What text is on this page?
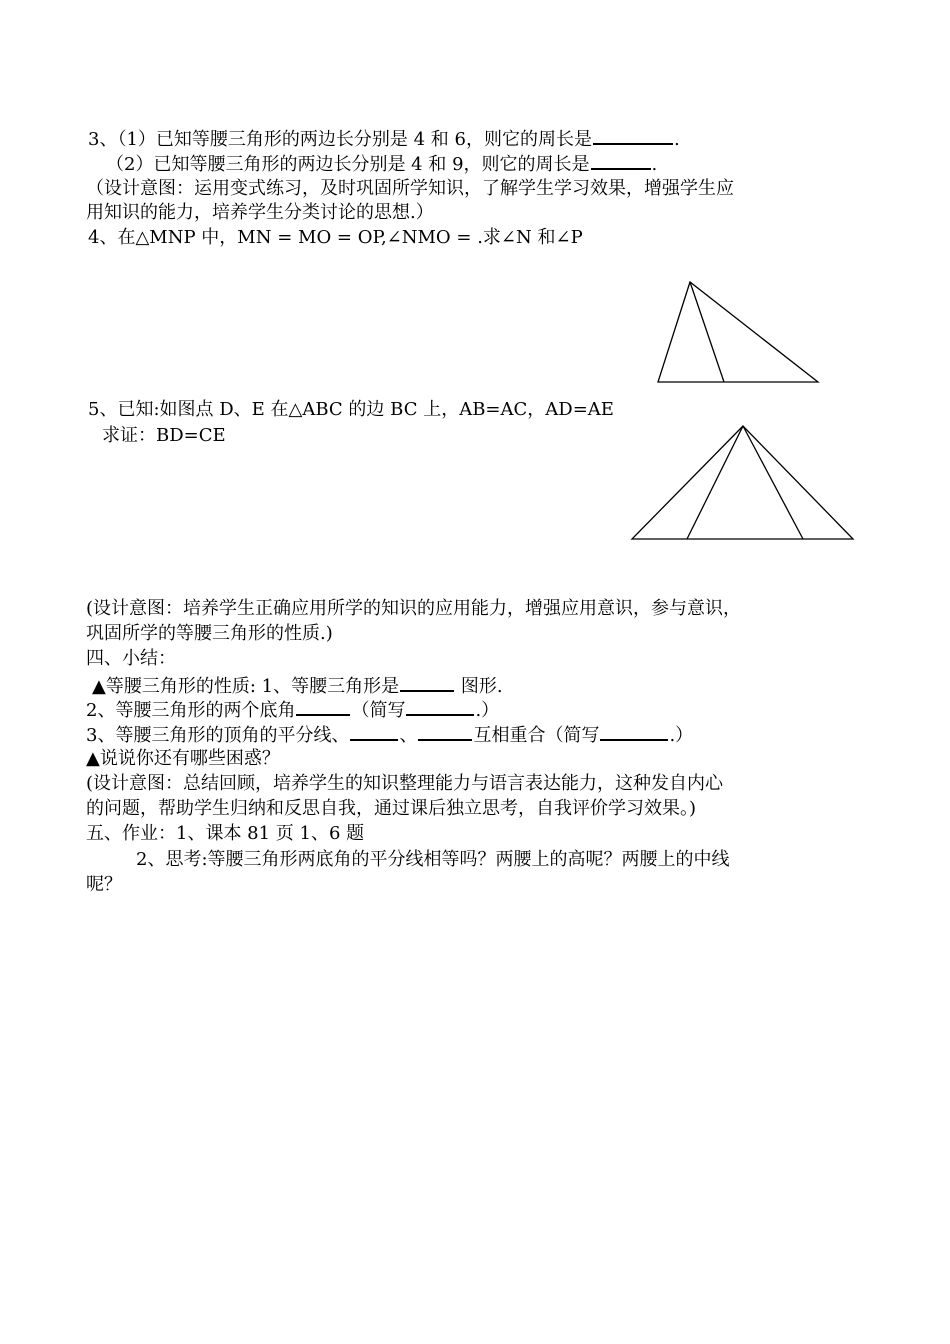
3、（1）已知等腰三角形的两边长分别是 4 和 6，则它的周长是	.
（2）已知等腰三角形的两边长分别是 4 和 9，则它的周长是	.
（设计意图：运用变式练习，及时巩固所学知识，了解学生学习效果，增强学生应
用知识的能力，培养学生分类讨论的思想.）
4、在△MNP 中，MN = MO = OP,∠NMO = .求∠N 和∠P
5、已知:如图点 D、E 在△ABC 的边 BC 上，AB=AC，AD=AE
求证：BD=CE
(设计意图：培养学生正确应用所学的知识的应用能力，增强应用意识，参与意识，
巩固所学的等腰三角形的性质.)
四、小结：
▲等腰三角形的性质: 1、等腰三角形是	图形.
2、等腰三角形的两个底角	（简写	.）
3、等腰三角形的顶角的平分线、	、	互相重合（简写	.）
▲说说你还有哪些困惑？
(设计意图：总结回顾，培养学生的知识整理能力与语言表达能力，这种发自内心
的问题，帮助学生归纳和反思自我，通过课后独立思考，自我评价学习效果。)
五、作业：1、课本 81 页 1、6 题
2、思考:等腰三角形两底角的平分线相等吗？两腰上的高呢？两腰上的中线
呢？
